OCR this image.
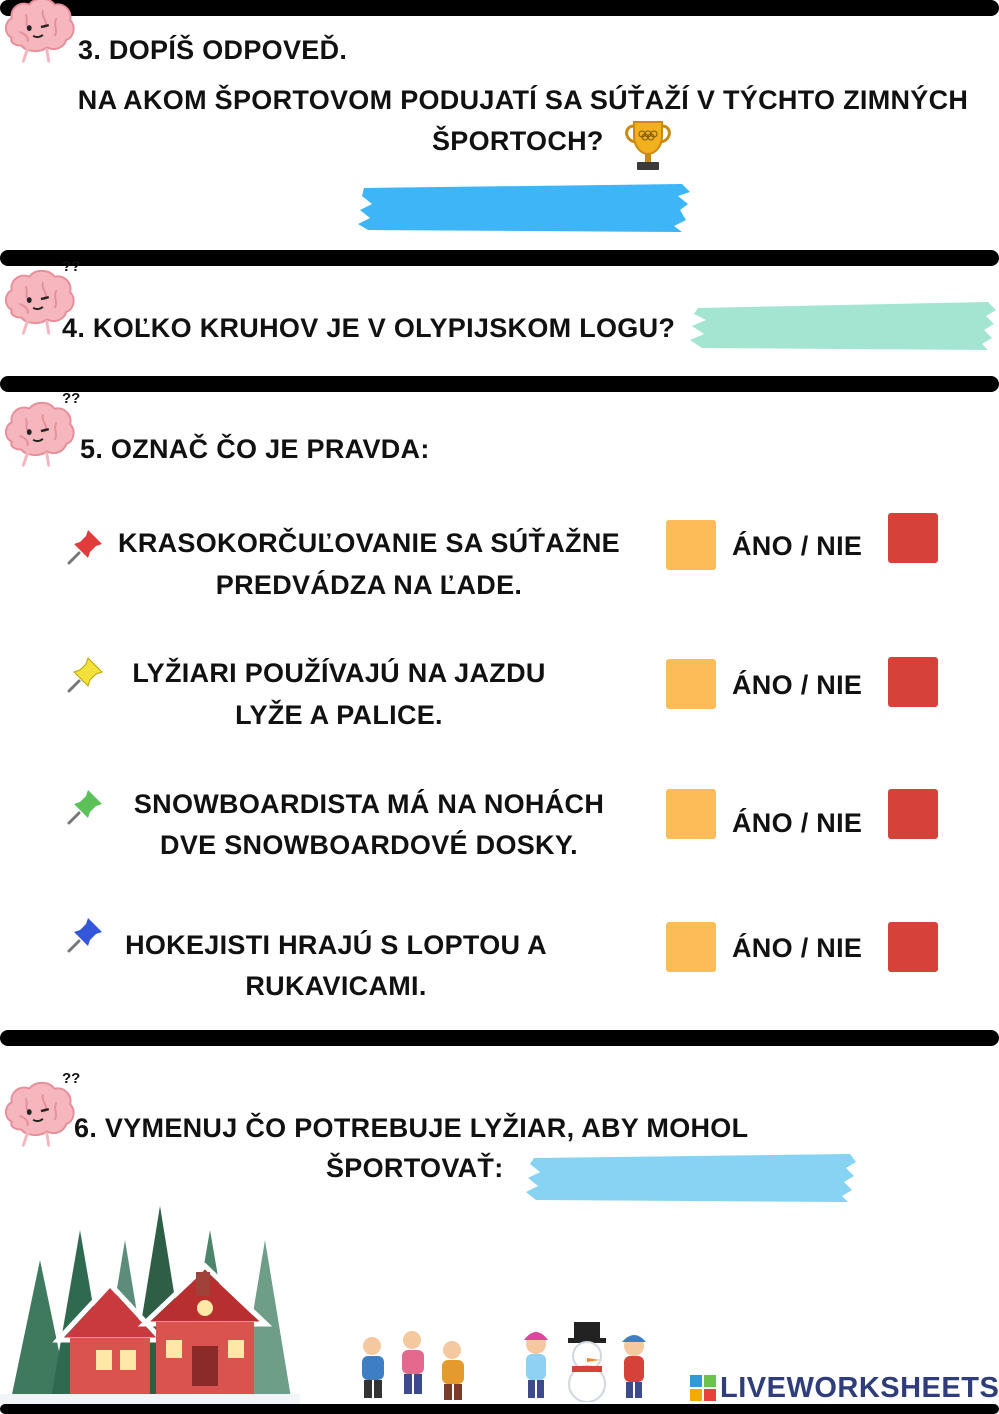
3. DOPÍŠ ODPOVEĎ.
NA AKOM ŠPORTOVOM PODUJATÍ SA SÚŤAŽÍ V TÝCHTO ZIMNÝCH
ŠPORTOCH?
??
4. KOĽKO KRUHOV JE V OLYPIJSKOM LOGU?
??
5. OZNAČ ČO JE PRAVDA:
KRASOKORČUĽOVANIE SA SÚŤAŽNE
PREDVÁDZA NA ĽADE.
ÁNO / NIE
LYŽIARI POUŽÍVAJÚ NA JAZDU
LYŽE A PALICE.
ÁNO / NIE
SNOWBOARDISTA MÁ NA NOHÁCH
DVE SNOWBOARDOVÉ DOSKY.
ÁNO / NIE
HOKEJISTI HRAJÚ S LOPTOU A
RUKAVICAMI.
ÁNO / NIE
??
6. VYMENUJ ČO POTREBUJE LYŽIAR, ABY MOHOL
ŠPORTOVAŤ:
LIVEWORKSHEETS
